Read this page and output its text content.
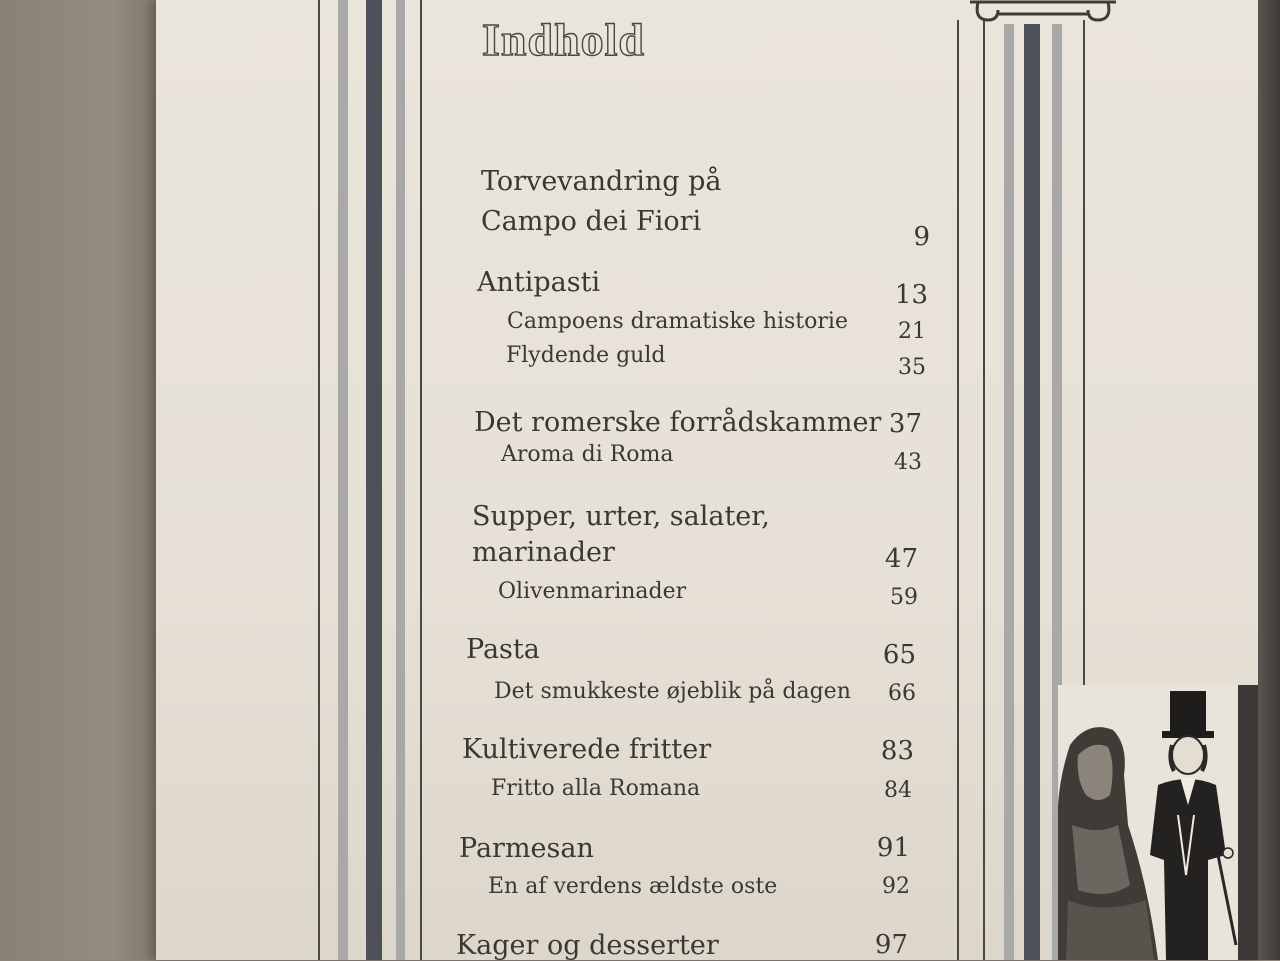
Indhold
Torvevandring på
Campo dei Fiori	9
Antipasti	13
Campoens dramatiske historie	21
Flydende guld	35
Det romerske forrådskammer 37
Aroma di Roma	43
Supper, urter, salater,
marinader	47
Olivenmarinader	59
Pasta	65
Det smukkeste øjeblik på dagen	66
Kultiverede fritter	83
Fritto alla Romana	84
Parmesan	91
En af verdens ældste oste	92
Kager og desserter	97
